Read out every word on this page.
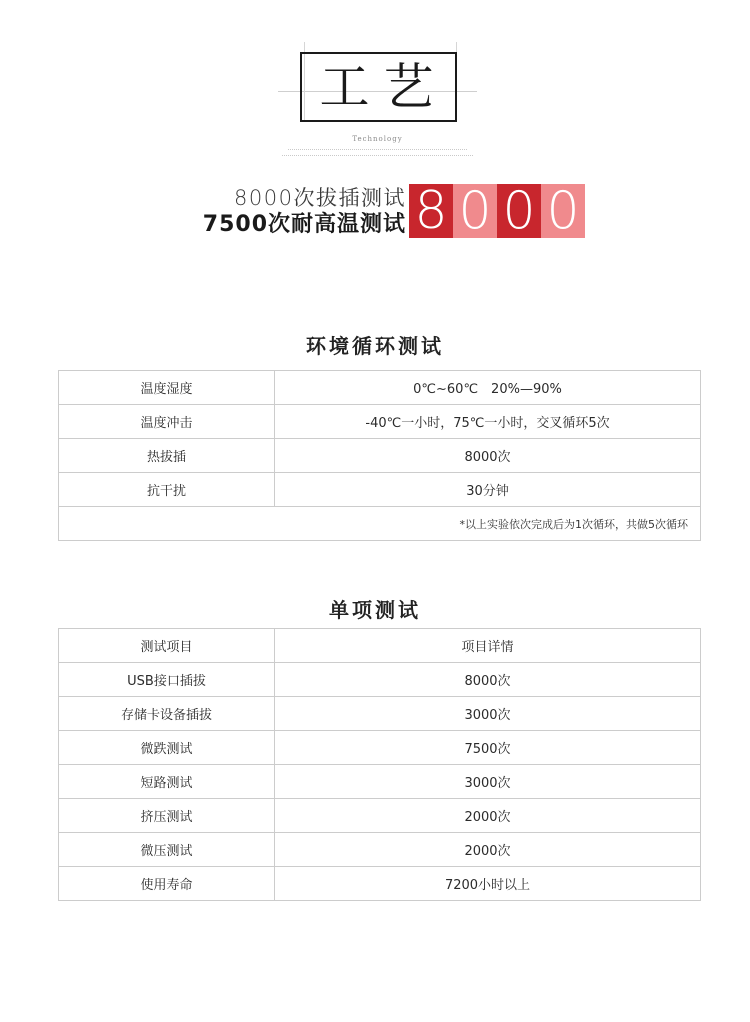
工艺
Technology
8000次拔插测试
7500次耐高温测试 8 0 0 0
环境循环测试
温度湿度	0℃~60℃　20%—90%
温度冲击	-40℃一小时，75℃一小时，交叉循环5次
热拔插	8000次
抗干扰	30分钟
*以上实验依次完成后为1次循环，共做5次循环	
单项测试
测试项目	项目详情
USB接口插拔	8000次
存储卡设备插拔	3000次
微跌测试	7500次
短路测试	3000次
挤压测试	2000次
微压测试	2000次
使用寿命	7200小时以上
